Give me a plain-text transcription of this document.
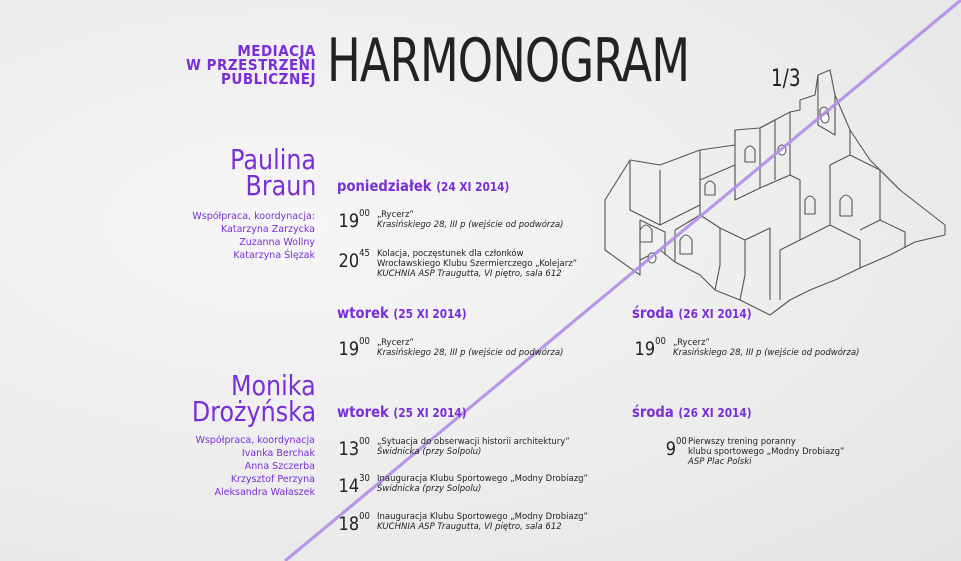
MEDIACJA
W PRZESTRZENI
PUBLICZNEJ HARMONOGRAM	1/3
Paulina
Braun
Współpraca, koordynacja:
Katarzyna Zarzycka
Zuzanna Wollny
Katarzyna Ślęzak
poniedziałek (24 XI 2014)
$19^{00}$ „Rycerz”
Krasińskiego 28, III p (wejście od podwórza)
$20^{45}$ Kolacja, poczęstunek dla członków
Wrocławskiego Klubu Szermierczego „Kolejarz”
KUCHNIA ASP Traugutta, VI piętro, sala 612
wtorek (25 XI 2014)
$19^{00}$ „Rycerz”
Krasińskiego 28, III p (wejście od podwórza)
środa (26 XI 2014)
$19^{00}$ „Rycerz”
Krasińskiego 28, III p (wejście od podwórza)
Monika
Drożyńska
Współpraca, koordynacja
Ivanka Berchak
Anna Szczerba
Krzysztof Perzyna
Aleksandra Wałaszek
wtorek (25 XI 2014)
$13^{00}$ „Sytuacja do obserwacji historii architektury”
Świdnicka (przy Solpolu)
$14^{30}$ Inauguracja Klubu Sportowego „Modny Drobiazg”
Świdnicka (przy Solpolu)
$18^{00}$ Inauguracja Klubu Sportowego „Modny Drobiazg”
KUCHNIA ASP Traugutta, VI piętro, sala 612
środa (26 XI 2014)
$9^{00}$ Pierwszy trening poranny
klubu sportowego „Modny Drobiazg”
ASP Plac Polski
